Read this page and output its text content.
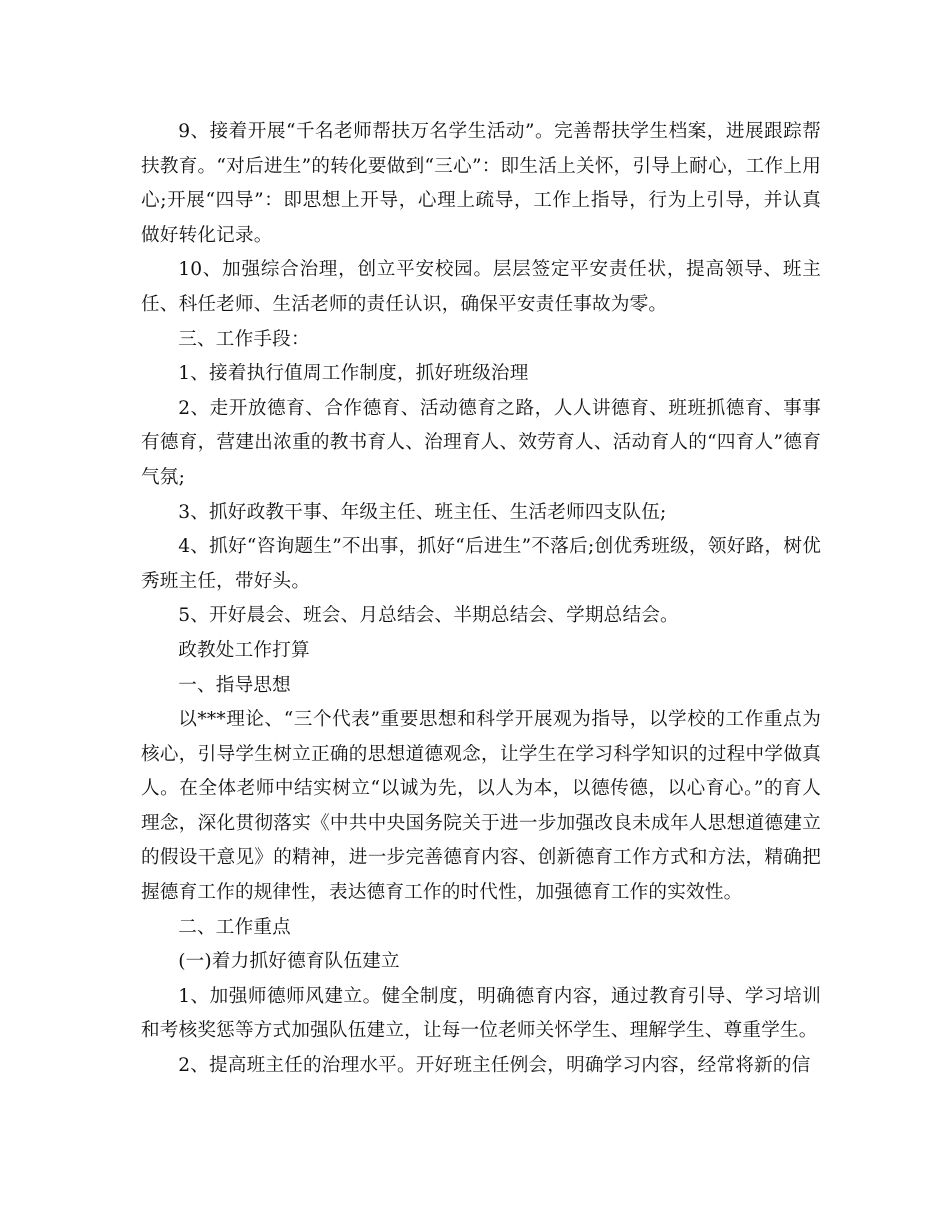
9、接着开展“千名老师帮扶万名学生活动”。完善帮扶学生档案，进展跟踪帮扶教育。“对后进生”的转化要做到“三心”：即生活上关怀，引导上耐心，工作上用心;开展“四导”：即思想上开导，心理上疏导，工作上指导，行为上引导，并认真做好转化记录。

10、加强综合治理，创立平安校园。层层签定平安责任状，提高领导、班主任、科任老师、生活老师的责任认识，确保平安责任事故为零。

三、工作手段：

1、接着执行值周工作制度，抓好班级治理

2、走开放德育、合作德育、活动德育之路，人人讲德育、班班抓德育、事事有德育，营建出浓重的教书育人、治理育人、效劳育人、活动育人的“四育人”德育气氛;

3、抓好政教干事、年级主任、班主任、生活老师四支队伍;

4、抓好“咨询题生”不出事，抓好“后进生”不落后;创优秀班级，领好路，树优秀班主任，带好头。

5、开好晨会、班会、月总结会、半期总结会、学期总结会。

政教处工作打算

一、指导思想

以***理论、“三个代表”重要思想和科学开展观为指导，以学校的工作重点为核心，引导学生树立正确的思想道德观念，让学生在学习科学知识的过程中学做真人。在全体老师中结实树立“以诚为先，以人为本，以德传德，以心育心。”的育人理念，深化贯彻落实《中共中央国务院关于进一步加强改良未成年人思想道德建立的假设干意见》的精神，进一步完善德育内容、创新德育工作方式和方法，精确把握德育工作的规律性，表达德育工作的时代性，加强德育工作的实效性。

二、工作重点

(一)着力抓好德育队伍建立

1、加强师德师风建立。健全制度，明确德育内容，通过教育引导、学习培训和考核奖惩等方式加强队伍建立，让每一位老师关怀学生、理解学生、尊重学生。

2、提高班主任的治理水平。开好班主任例会，明确学习内容，经常将新的信
